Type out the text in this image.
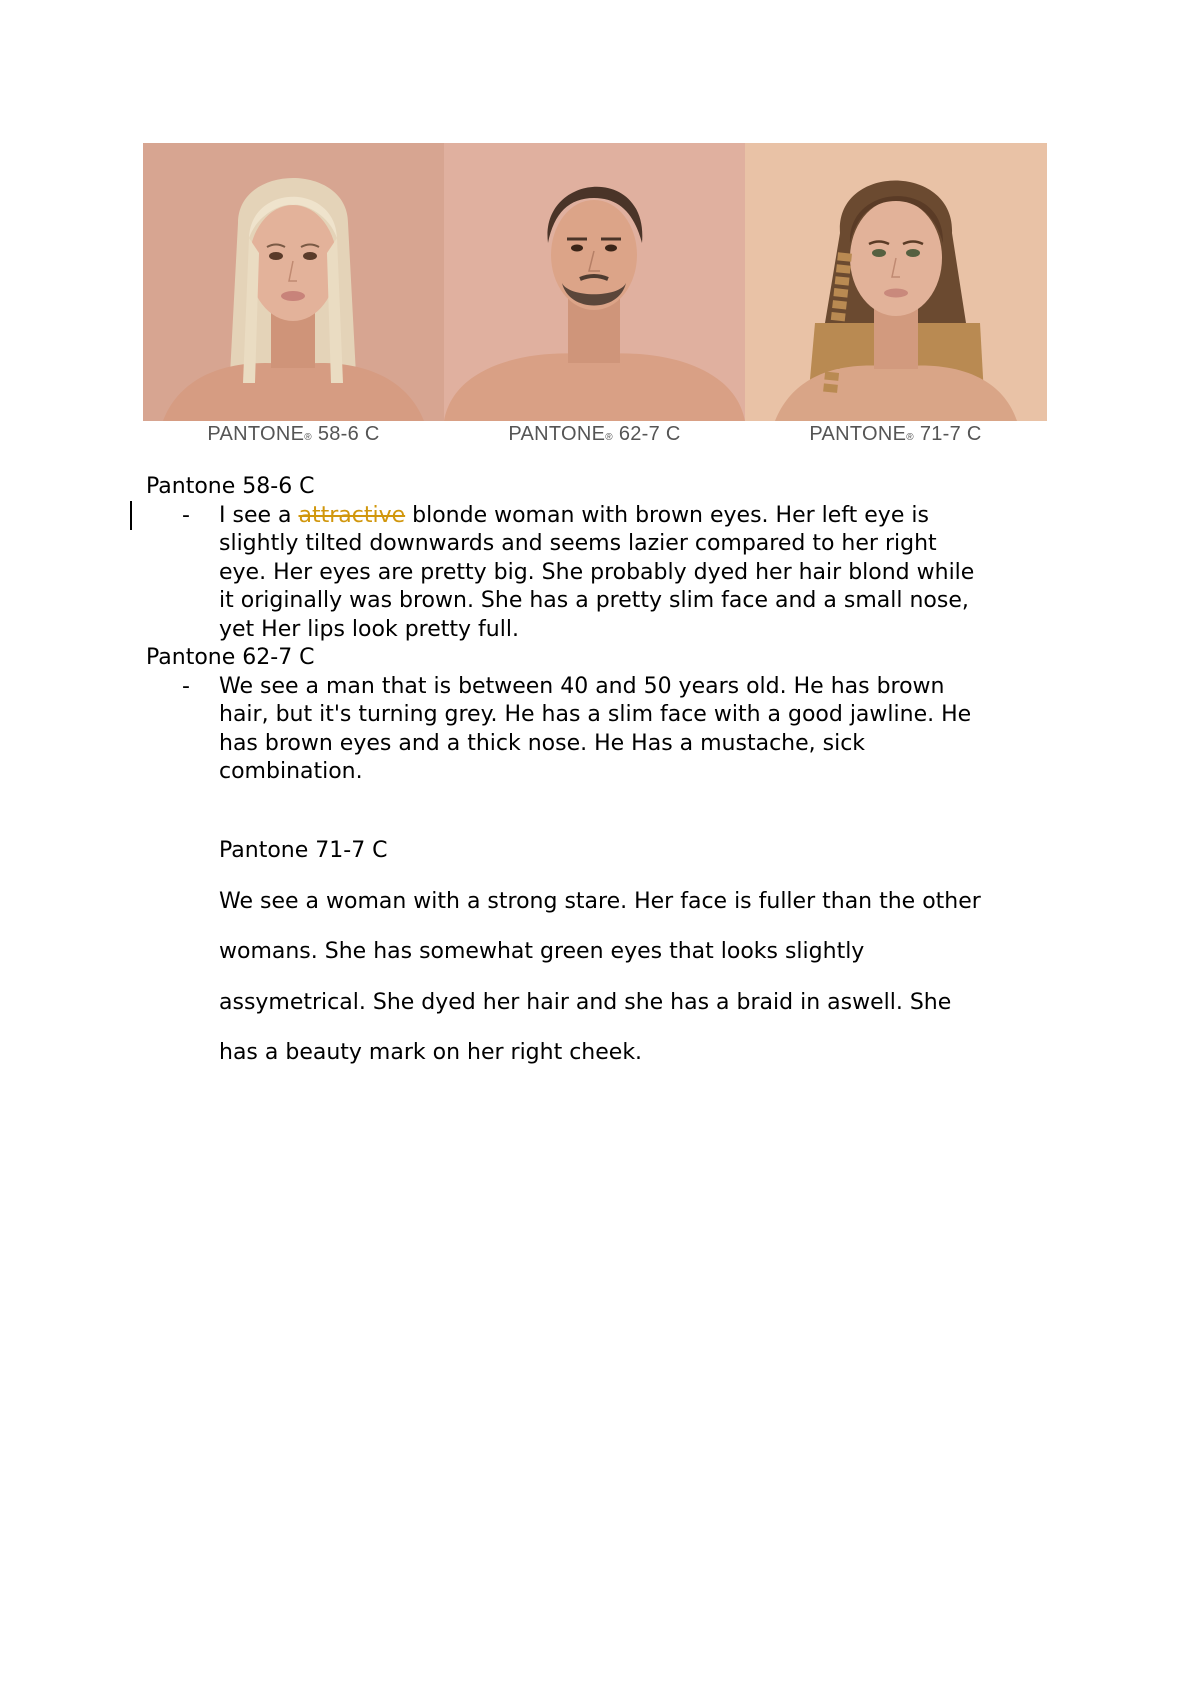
PANTONE® 58-6 C	PANTONE® 62-7 C	PANTONE® 71-7 C

Pantone 58-6 C

-	I see a attractive blonde woman with brown eyes. Her left eye is

slightly tilted downwards and seems lazier compared to her right

eye. Her eyes are pretty big. She probably dyed her hair blond while

it originally was brown. She has a pretty slim face and a small nose,

yet Her lips look pretty full.

Pantone 62-7 C

-	We see a man that is between 40 and 50 years old. He has brown

hair, but it's turning grey. He has a slim face with a good jawline. He

has brown eyes and a thick nose. He Has a mustache, sick

combination.

Pantone 71-7 C

We see a woman with a strong stare. Her face is fuller than the other

womans. She has somewhat green eyes that looks slightly

assymetrical. She dyed her hair and she has a braid in aswell. She

has a beauty mark on her right cheek.
